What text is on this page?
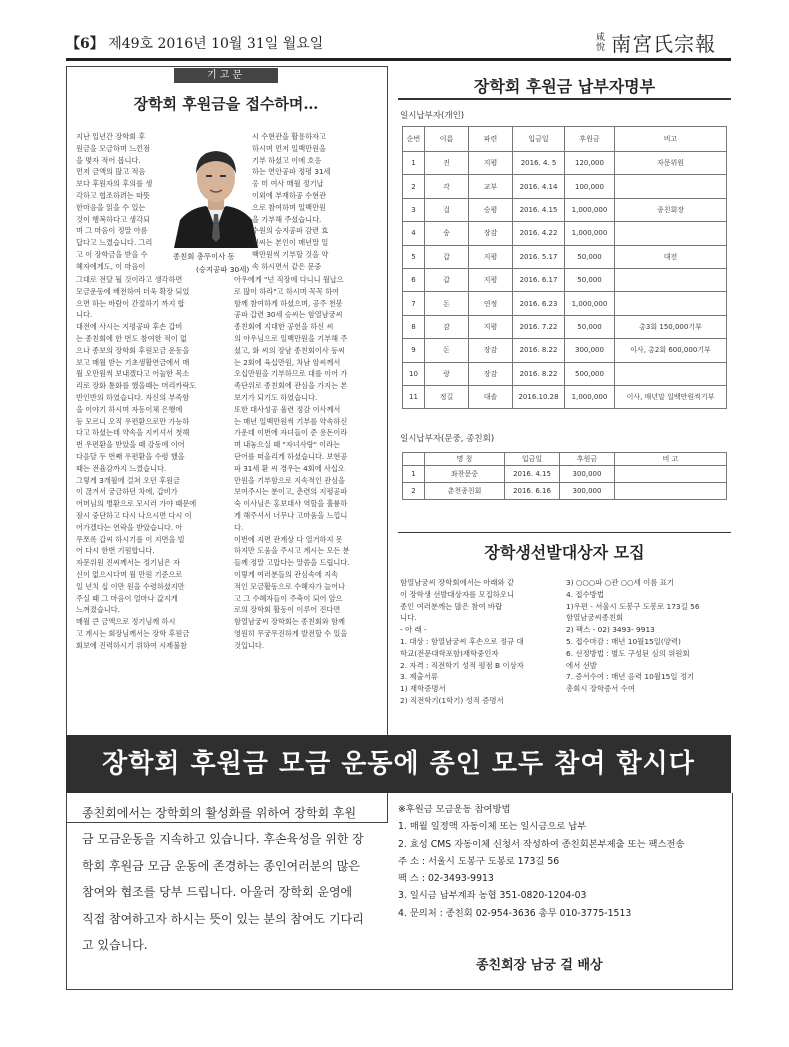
【6】 제49호 2016년 10월 31일 월요일	咸悅 南宮氏宗報
기고문
장학회 후원금을 접수하며…
지난 일년간 장학회 후
원금을 모금하며 느낀점
을 몇자 적어 봅니다.
먼저 금액의 많고 적음
보다 후원자의 후의를 생
각하고 협조하려는 따뜻
한마음을 읽을 수 있는
것이 행복하다고 생각되
며 그 마음이 정말 아름
답다고 느꼈습니다. 그리
고 이 장학금을 받을 수
혜자에게도, 이 마음이
종친회 총무이사 동
(승지공파 30세)
시 수현관을 활용하자고
하시며 먼저 일백만원을
기부 하셨고 이에 호응
하는 연안공파 정평 31세
옹 미 여사 매월 정기납
이외에 부재하공 수현관
으로 참여하며 일백만원
을 기부해 주셨습니다.
수원의 승지공파 감련 효
선씨는 본인이 매년말 일
백만원씩 기부할 것을 약
속 하시면서 같은 문중
그대로 전달 될 것이라고 생각하면
모금운동에 배전하여 더욱 확장 되었
으면 하는 바람이 간절하기 까지 합
니다.
대전에 사시는 지평공파 후손 갑비
는 종친회에 한 번도 참여한 적이 없
으나 종보의 장학회 후원모금 운동을
보고 매월 받는 기초생활연금에서 매
월 오만원씩 보내겠다고 어눌한 목소
리로 장화 통화를 했을때는 머리카락도
반인반의 하였습니다. 자신의 부족함
을 이야기 하시며 자동이체 은행에
등 모르니 오직 우편환으로만 가능하
다고 하셨는데 약속을 지키셔서 첫해
번 우편환을 받았을 때 감동에 이어
다음달 두 번째 우편환을 수령 했을
때는 전율감까지 느꼈습니다.
그렇게 3개월에 걸쳐 오던 후원금
이 끊겨서 궁금하던 차에, 갑비가
어머님의 병환으로 모시러 가야 때문에
잠시 중단하고 다시 나으시면 다시 이
어가겠다는 연락을 받았습니다. 아
무쪼록 갑씨 하시기를 이 지면을 빌
어 다시 한번 기원합니다.
자문위원 진씨께서는 정기님은 자
신이 없으시다며 월 만원 기준으로
일 년치 십 이만 원을 수령하셨지만
주실 때 그 마음이 얼마나 값지게
느껴졌습니다.
매월 큰 금액으로 정기님께 하시
고 계시는 회장님께서는 장학 후원금
회보에 진력하시기 위하여 시제불참
아우에게 "넌 직장에 다니니 월납으
로 많이 하라"고 하시며 꼭꼭 하여
함께 참여하게 하셨으며, 공주 천봉
공파 갑련 30세 승씨는 함열남궁씨
종친회에 지대한 공헌을 하신 씨
의 아우님으로 일백만원을 기부해 주
셨고, 화 씨의 장남 종친회이사 등씨
는 2회에 육십만원, 차남 암씨께서
오십만원을 기부하므로 대를 이어 가
족단위로 종친회에 관심을 가지는 본
보기가 되기도 하였습니다.
또한 대사성공 율련 정감 이사께서
는 매년 일백만원씩 기부를 약속하신
가운데 이번에 자녀들이 준 용돈이라
며 내놓으실 때 "자녀사랑" 이라는
단어를 떠올리게 하셨습니다. 보현공
파 31세 환 씨 경우는 4회에 사십오
만원을 기부함으로 지속적인 관심을
보여주시는 분이고, 춘련의 지평공파
숙 이사님은 홍보대사 역할을 훌륭하
게 해주셔서 너무나 고마움을 느낍니
다.
이번에 지면 관계상 다 열거하지 못
하지만 도움을 주시고 계시는 모든 분
들께 정말 고맙다는 말씀을 드립니다.
이렇게 여러분들의 관심속에 지속
적인 모금활동으로 수혜자가 늘어나
고 그 수혜자들이 주축이 되어 앞으
로의 장학회 활동이 이루어 진다면
함열남궁씨 장학회는 종친회와 함께
영원히 무궁무진하게 발전할 수 있을
것입니다.
장학회 후원금 납부자명부
일시납부자(개인)
순번	이름	파련	입금일	후원금	비고
1	진	지평	2016. 4. 5	120,000	자문위원
2	각	교부	2016. 4.14	100,000	
3	걸	승평	2016. 4.15	1,000,000	종친회장
4	숭	장감	2016. 4.22	1,000,000	
5	갑	지평	2016. 5.17	50,000	대전
6	갑	지평	2016. 6.17	50,000	
7	돈	연정	2016. 6.23	1,000,000	
8	감	지평	2016. 7.22	50,000	총3회 150,000기부
9	돈	장감	2016. 8.22	300,000	이사, 총2회 600,000기부
10	랑	장감	2016. 8.22	500,000	
11	정길	대솔	2016.10.28	1,000,000	이사, 매년말 일백만원씩기부
일시납부자(문중, 종친회)
	명 칭	입금일	후원금	비 고
1	좌찬문중	2016. 4.15	300,000	
2	춘천종친회	2016. 6.16	300,000	
장학생선발대상자 모집
함열남궁씨 장학회에서는 아래와 같
이 장학생 선발대상자를 모집하오니
종인 여러분께는 많은 참여 바랍
니다.
- 아 래 -
1. 대상 : 함열남궁씨 후손으로 정규 대
학교(전문대학포함)재학중인자
2. 자격 : 직전학기 성적 평점 B 이상자
3. 제출서류
1) 재학증명서
2) 직전학기(1학기) 성적 증명서
3) ○○○파 ○관 ○○세 이름 표기
4. 접수방법
1)우편 - 서울시 도봉구 도봉로 173길 56
함열남궁씨종친회
2) 팩스 - 02) 3493- 9913
5. 접수마감 : 매년 10월15일(양력)
6. 선정방법 : 별도 구성된 심의 위원회
에서 선발
7. 증서수여 : 매년 음력 10월15일 정기
총회시 장학증서 수여
장학회 후원금 모금 운동에 종인 모두 참여 합시다
종친회에서는 장학회의 활성화를 위하여 장학회 후원
금 모금운동을 지속하고 있습니다. 후손육성을 위한 장
학회 후원금 모금 운동에 존경하는 종인여러분의 많은
참여와 협조를 당부 드립니다. 아울러 장학회 운영에
직접 참여하고자 하시는 뜻이 있는 분의 참여도 기다리
고 있습니다.
※후원금 모금운동 참여방법
1. 매월 일정액 자동이체 또는 일시금으로 납부
2. 효성 CMS 자동이체 신청서 작성하여 종친회본부제출 또는 팩스전송
주 소 : 서울시 도봉구 도봉로 173길 56
팩 스 : 02-3493-9913
3. 일시금 납부계좌 농협 351-0820-1204-03
4. 문의처 : 종친회 02-954-3636 총무 010-3775-1513
종친회장 남궁 걸 배상
